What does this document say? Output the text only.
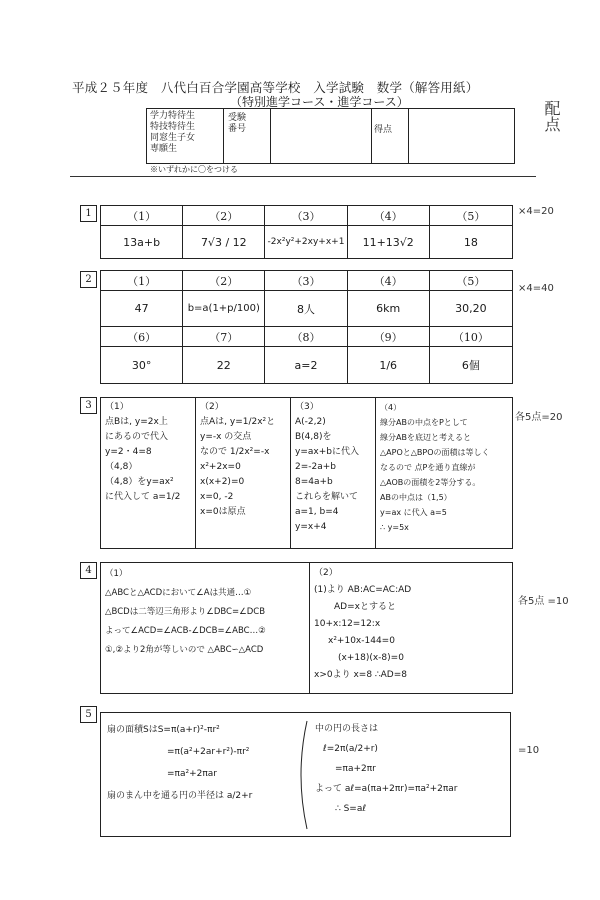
平成２５年度　八代白百合学園高等学校　入学試験　数学（解答用紙）
（特別進学コース・進学コース）
学力特待生
特技特待生
同窓生子女
専願生
受験
番号	得点
※いずれかに〇をつける
配点
×4=20
×4=40
各5点=20
各5点 =10
=10
1	（1）	（2）	（3）	（4）	（5）
13a+b	7√3 / 12	-2x²y²+2xy+x+1	11+13√2	18
2	（1）	（2）	（3）	（4）	（5）
47	b=a(1+p/100)	8人	6km	30,20
（6）	（7）	（8）	（9）	（10）
30°	22	a=2	1/6	6個
3	（1）
点Bは, y=2x上
にあるので代入
y=2・4=8
（4,8）
（4,8）をy=ax²
に代入して a=1/2
（2）
点Aは, y=1/2x²と
y=-x の交点
なので 1/2x²=-x
x²+2x=0
x(x+2)=0
x=0, -2
x=0は原点
（3）
A(-2,2)
B(4,8)を
y=ax+bに代入
2=-2a+b
8=4a+b
これらを解いて
a=1, b=4
y=x+4
（4）
線分ABの中点をPとして
線分ABを底辺と考えると
△APOと△BPOの面積は等しく
なるので 点Pを通り直線が
△AOBの面積を2等分する。
ABの中点は（1,5）
y=ax に代入 a=5
∴ y=5x
4	（1）
△ABCと△ACDにおいて∠Aは共通…①
△BCDは二等辺三角形より∠DBC=∠DCB
よって∠ACD=∠ACB-∠DCB=∠ABC…②
①,②より2角が等しいので △ABC∽△ACD
（2）
(1)より AB:AC=AC:AD
AD=xとすると
10+x:12=12:x
x²+10x-144=0
(x+18)(x-8)=0
x>0より x=8 ∴AD=8
5
扇の面積SはS=π(a+r)²-πr²
=π(a²+2ar+r²)-πr²
=πa²+2πar
扇のまん中を通る円の半径は a/2+r
中の円の長さは
ℓ=2π(a/2+r)
=πa+2πr
よって aℓ=a(πa+2πr)=πa²+2πar
∴ S=aℓ
